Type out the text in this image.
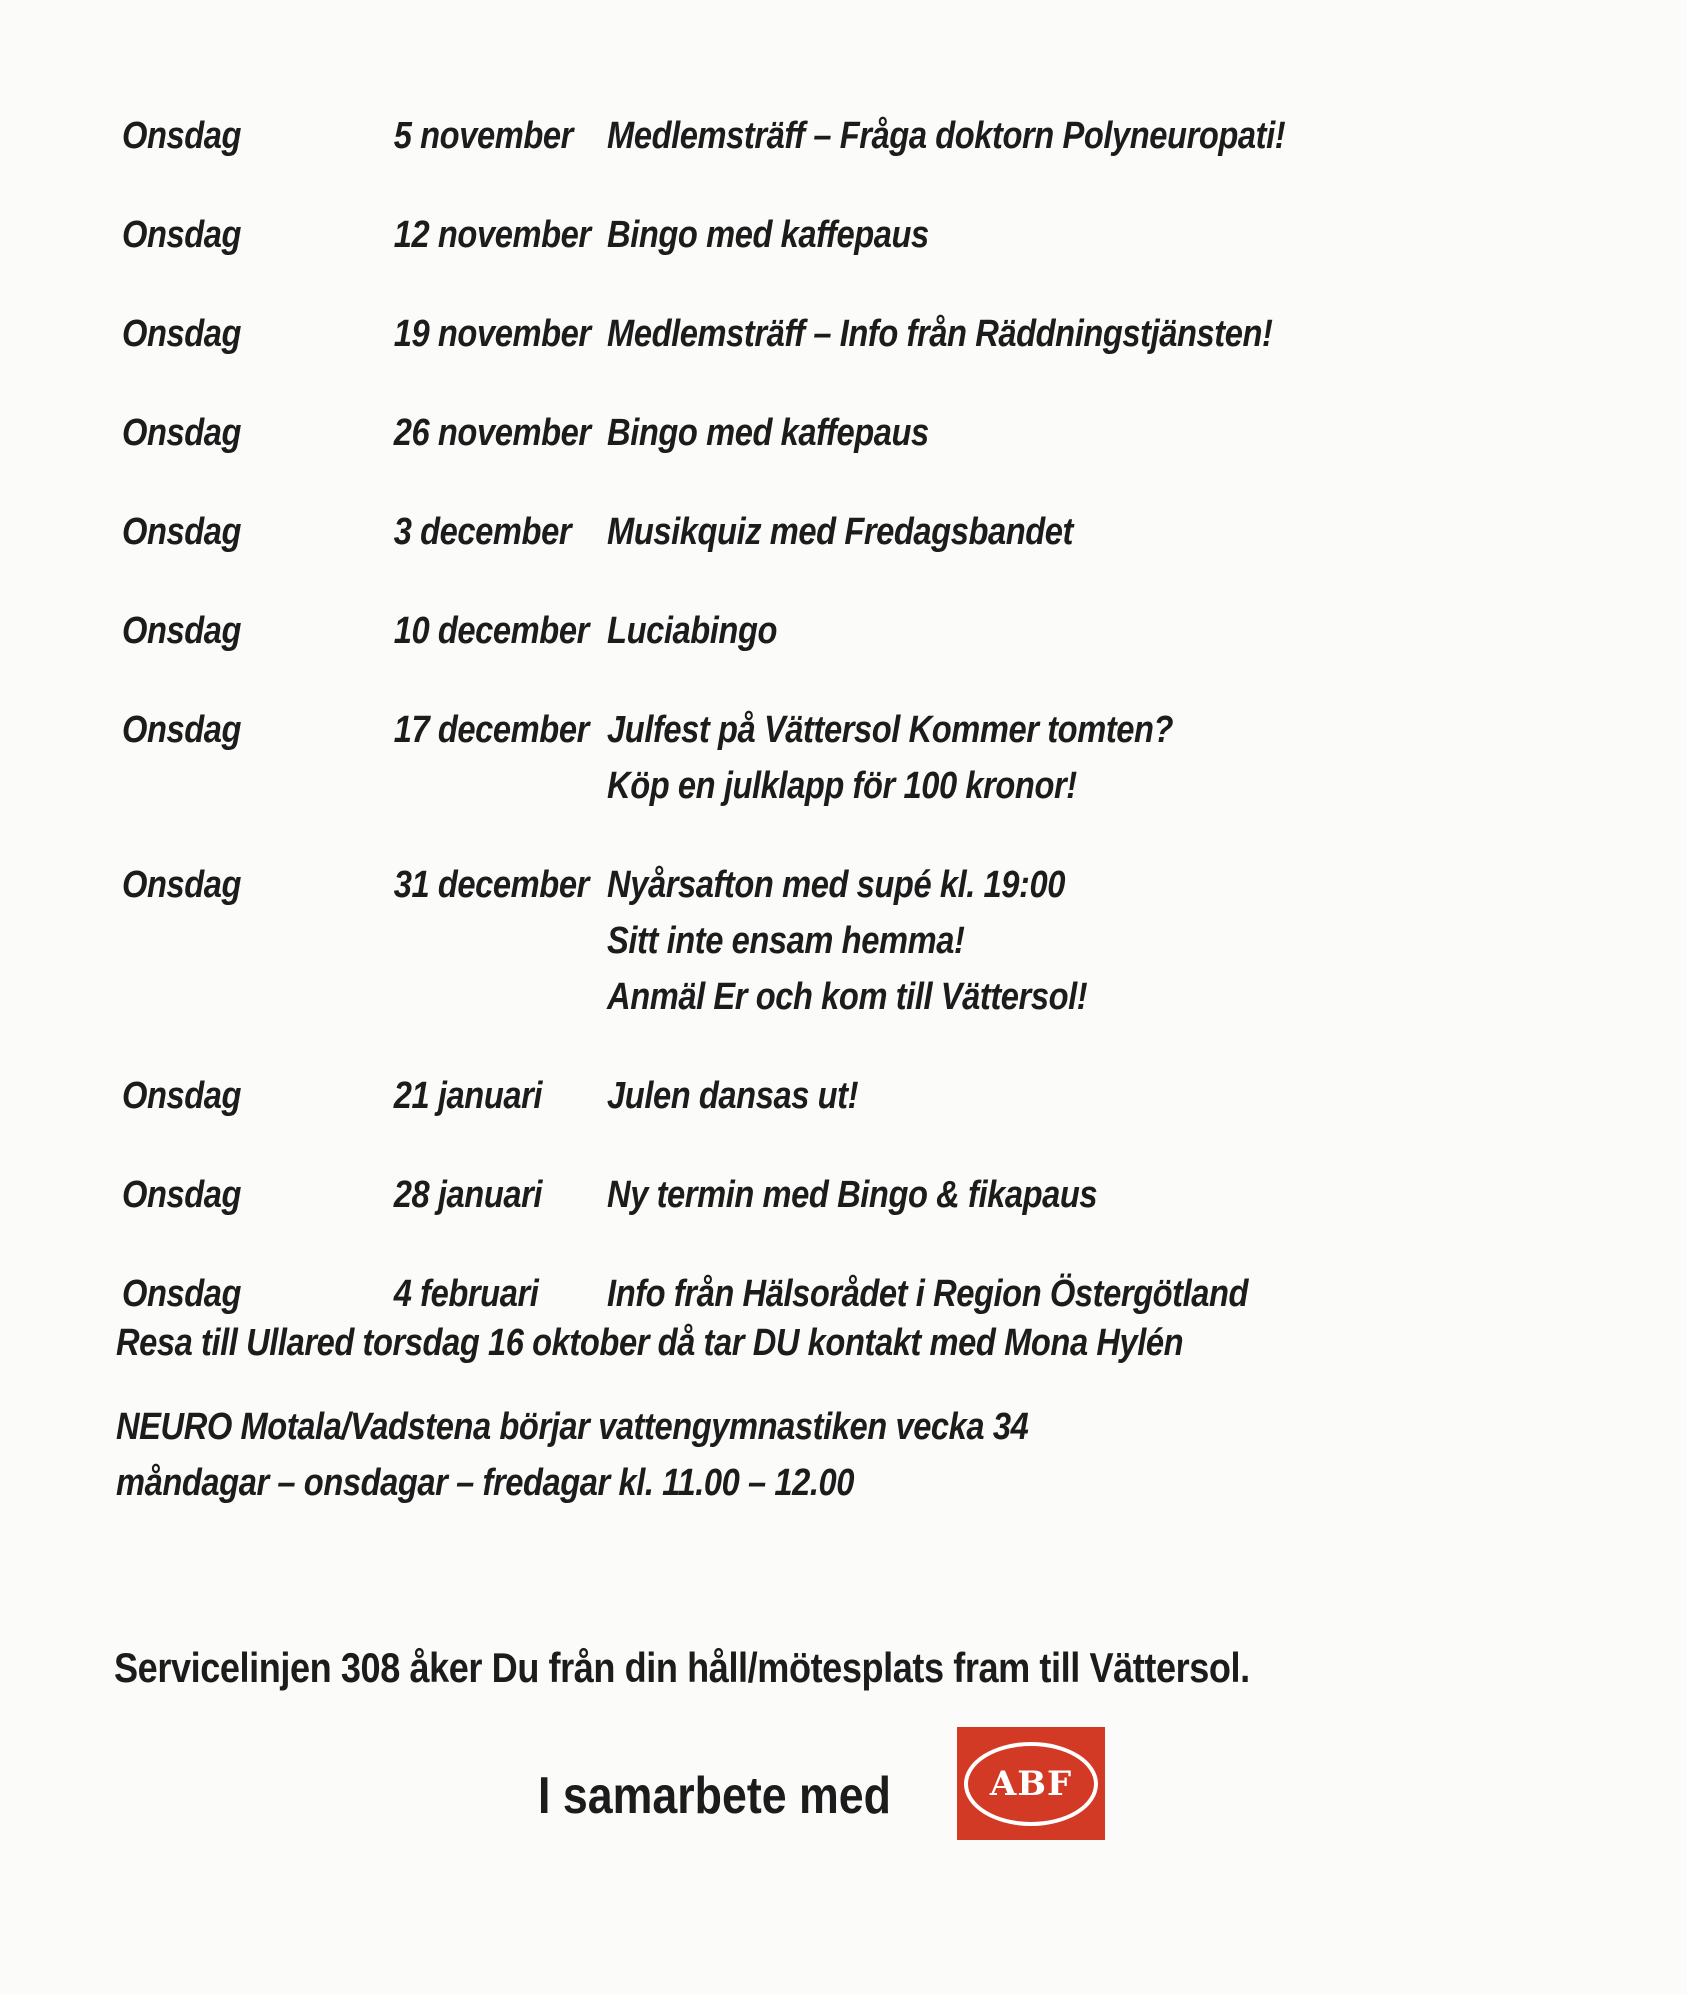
Onsdag	5 november Medlemsträff – Fråga doktorn Polyneuropati!
Onsdag	12 november Bingo med kaffepaus
Onsdag	19 november Medlemsträff – Info från Räddningstjänsten!
Onsdag	26 november Bingo med kaffepaus
Onsdag	3 december Musikquiz med Fredagsbandet
Onsdag	10 december Luciabingo
Onsdag	17 december Julfest på Vättersol Kommer tomten?
Köp en julklapp för 100 kronor!
Onsdag	31 december Nyårsafton med supé kl. 19:00
Sitt inte ensam hemma!
Anmäl Er och kom till Vättersol!
Onsdag	21 januari	Julen dansas ut!
Onsdag	28 januari	Ny termin med Bingo & fikapaus
Onsdag	4 februari	Info från Hälsorådet i Region Östergötland
Resa till Ullared torsdag 16 oktober då tar DU kontakt med Mona Hylén
NEURO Motala/Vadstena börjar vattengymnastiken vecka 34
måndagar – onsdagar – fredagar kl. 11.00 – 12.00
Servicelinjen 308 åker Du från din håll/mötesplats fram till Vättersol.
I samarbete med	ABF
